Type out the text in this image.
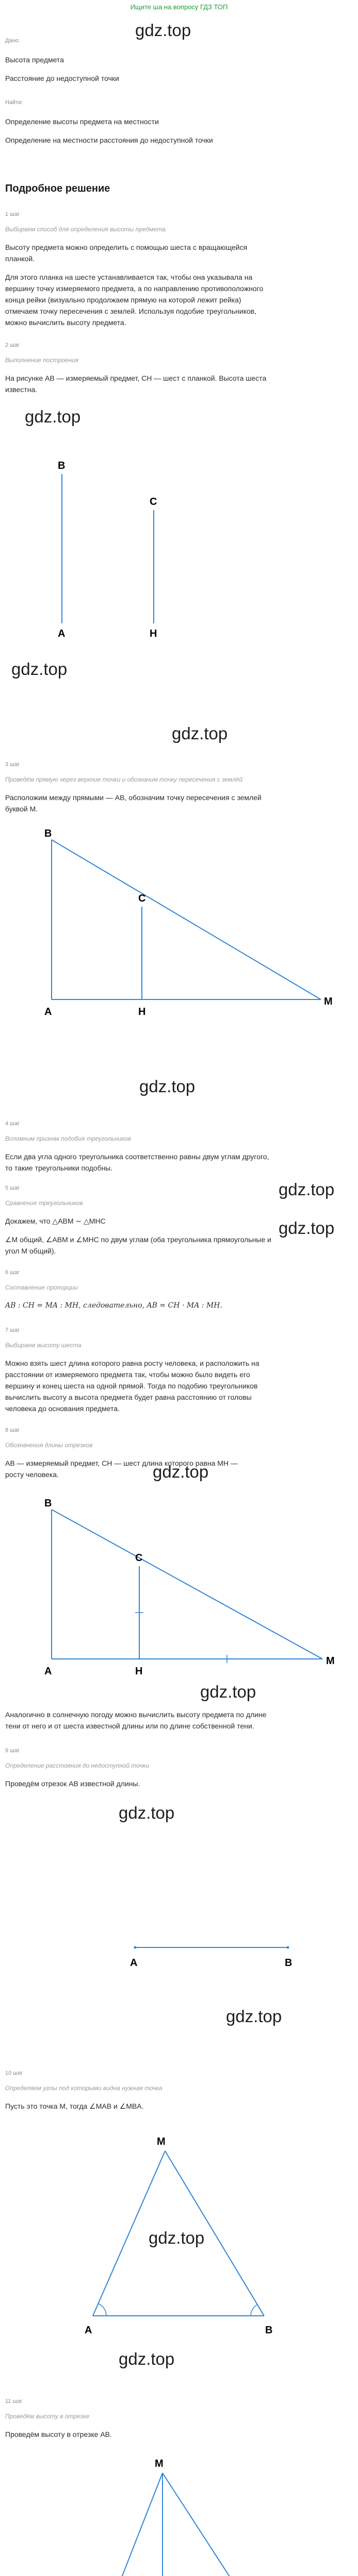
Ищите ша на вопросу ГДЗ ТОП
gdz.top
Дано:
Высота предмета
Расстояние до недоступной точки
Найти:
Определение высоты предмета на местности
Определение на местности расстояния до недоступной точки
Подробное решение
1 шаг
Выбираем способ для определения высоты предмета.
Высоту предмета можно определить с помощью шеста с вращающейся
планкой.
Для этого планка на шесте устанавливается так, чтобы она указывала на
вершину точку измеряемого предмета, а по направлению противоположного
конца рейки (визуально продолжаем прямую на которой лежит рейка)
отмечаем точку пересечения с землей. Используя подобие треугольников,
можно вычислить высоту предмета.
2 шаг
Выполнение построения
На рисунке AB — измеряемый предмет, CH — шест с планкой. Высота шеста
известна.
gdz.top
B
A
C
H
gdz.top
gdz.top
3 шаг
Проведём прямую через верхние точки и обозначим точку пересечения с землёй
Расположим между прямыми — AB, обозначим точку пересечения с землей
буквой M.
B
A
C
H
M
gdz.top
4 шаг
Вспомним признак подобия треугольников
Если два угла одного треугольника соответственно равны двум углам другого,
то такие треугольники подобны.
gdz.top
5 шаг
Сравнение треугольников
Докажем, что △ABM ∼ △MHC	gdz.top
∠M общий, ∠ABM и ∠MHC по двум углам (оба треугольника прямоугольные и
угол M общий).
6 шаг
Составление пропорции
AB : CH = MA : MH, следовательно, AB = CH · MA : MH.
7 шаг
Выбираем высоту шеста
Можно взять шест длина которого равна росту человека, и расположить на
расстоянии от измеряемого предмета так, чтобы можно было видеть его
вершину и конец шеста на одной прямой. Тогда по подобию треугольников
вычислить высоту а высота предмета будет равна расстоянию от головы
человека до основания предмета.
8 шаг
Обозначения длины отрезков
AB — измеряемый предмет, CH — шест длина которого равна MH —
росту человека.
B
A
C
H
M
gdz.top
gdz.top
Аналогично в солнечную погоду можно вычислить высоту предмета по длине
тени от него и от шеста известной длины или по длине собственной тени.
9 шаг
Определение расстояния до недоступной точки
Проведём отрезок AB известной длины.
gdz.top
A	B
gdz.top
10 шаг
Определяем углы под которыми видна нужная точка
Пусть это точка M, тогда ∠MAB и ∠MBA.
M
A	B
gdz.top
gdz.top
11 шаг
Проведём высоту в отрезке
Проведём высоту в отрезке AB.
M
